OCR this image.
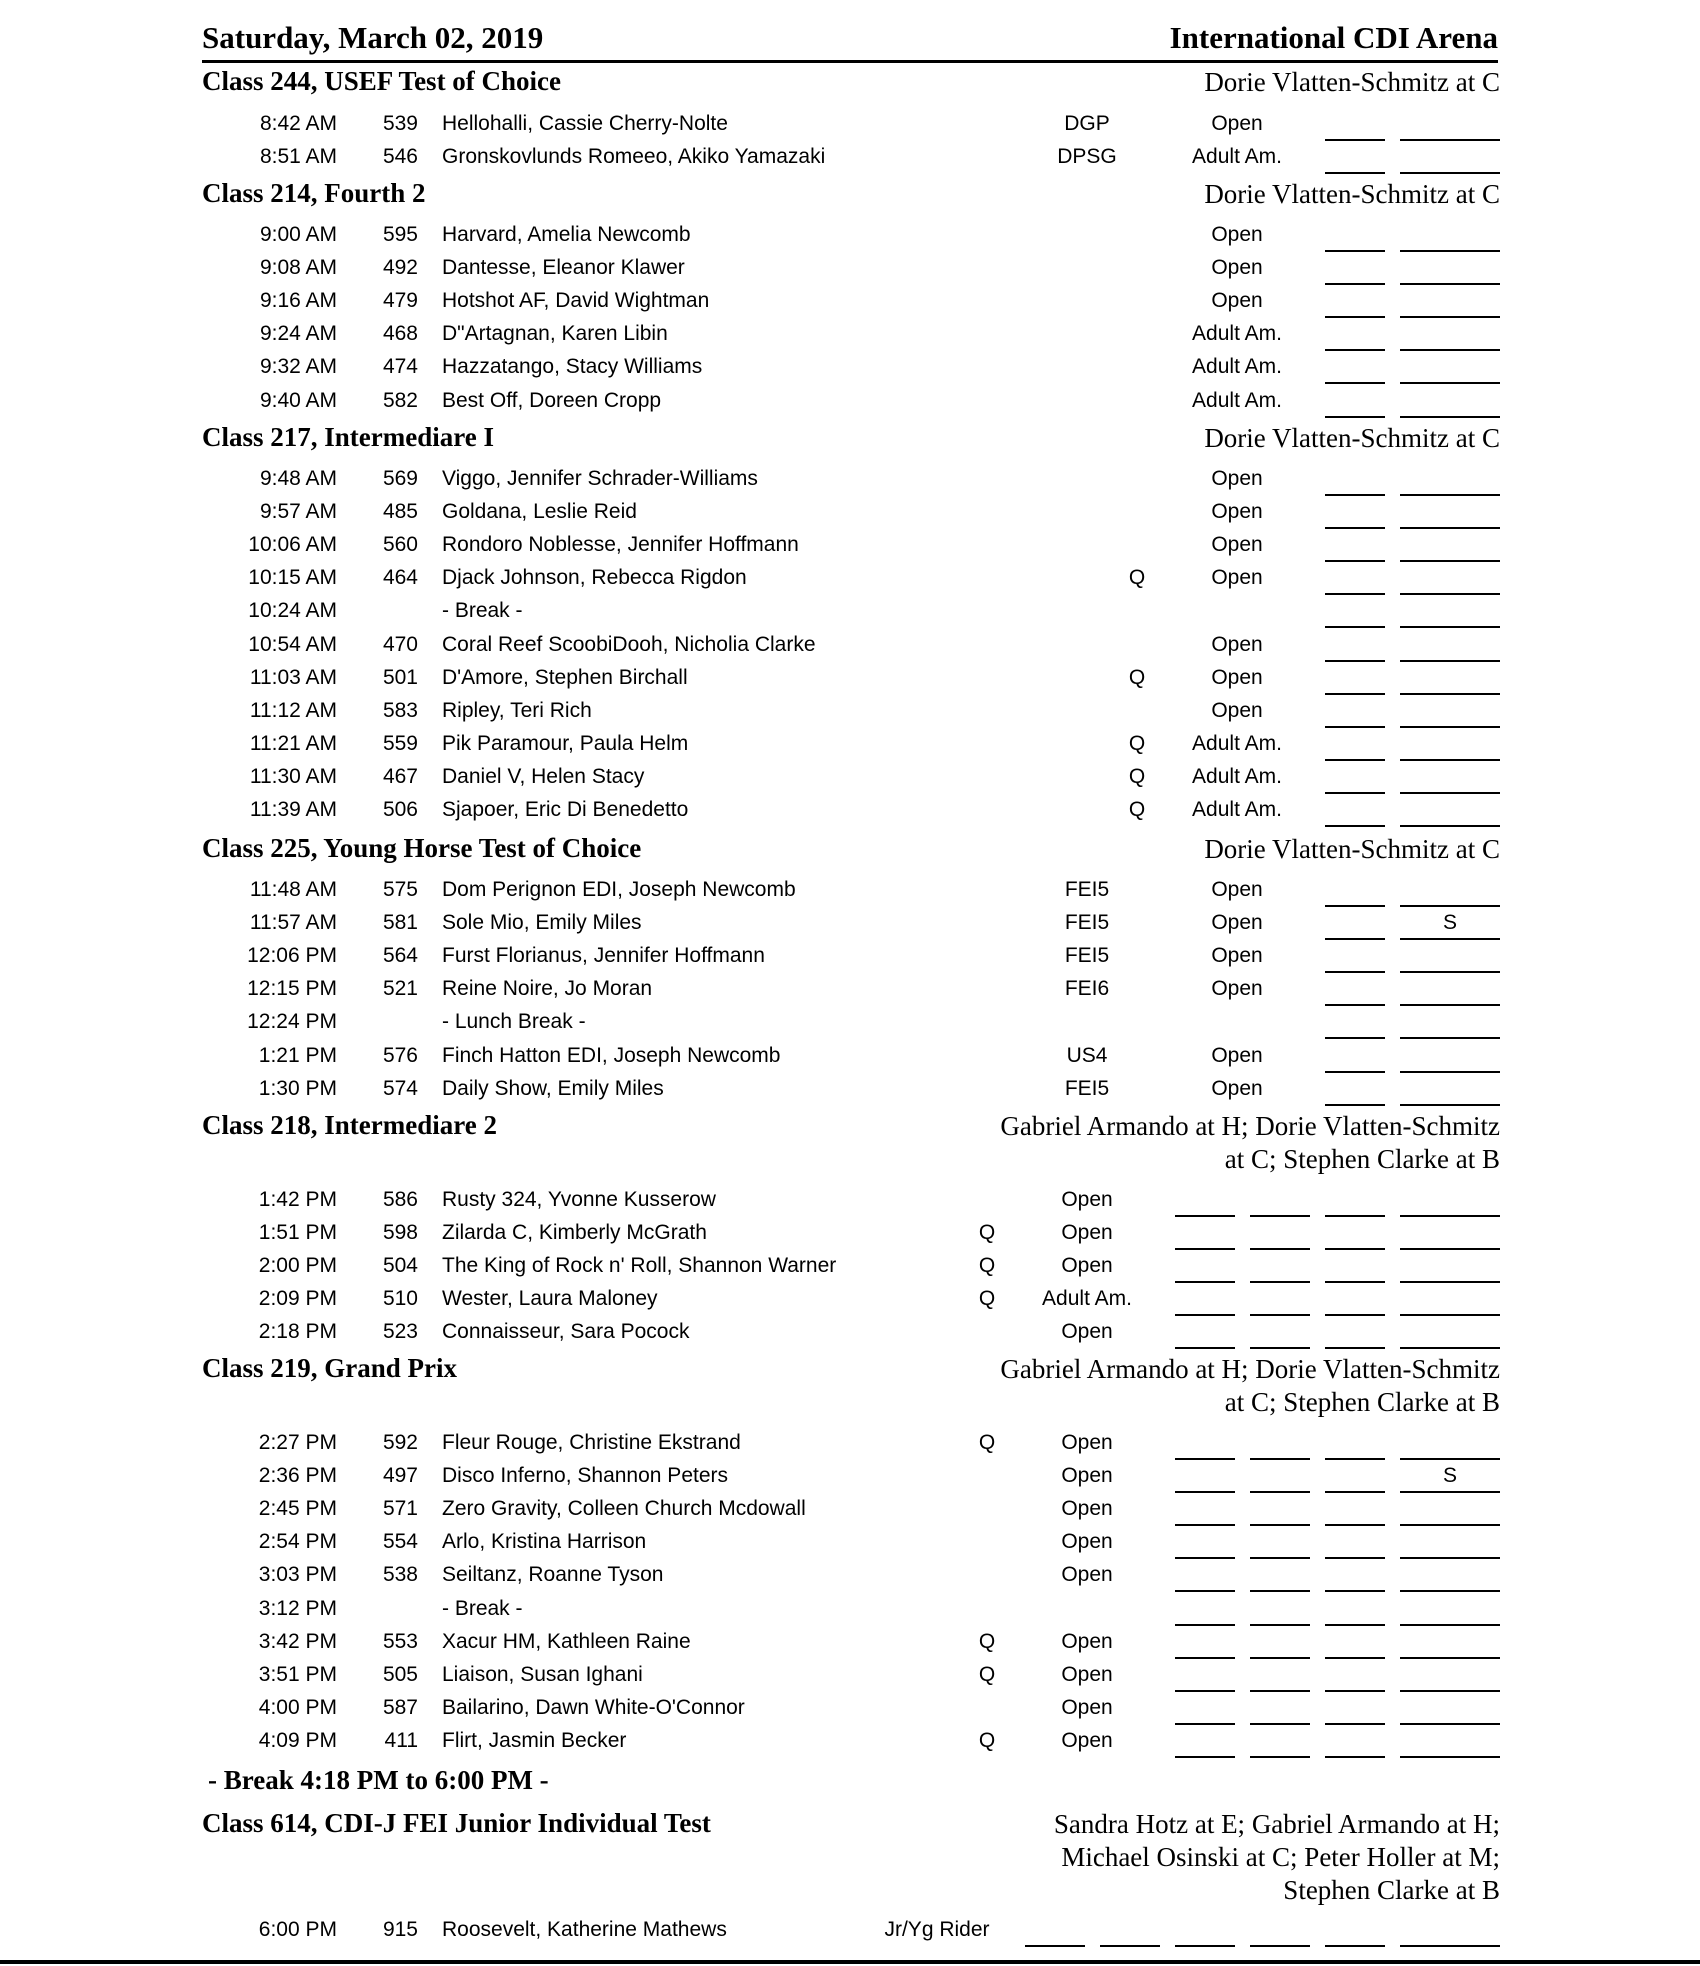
Saturday, March 02, 2019	International CDI Arena
- Break 4:18 PM to 6:00 PM -
Class 244, USEF Test of Choice	Dorie Vlatten-Schmitz at C
8:42 AM	539 Hellohalli, Cassie Cherry-Nolte	DGP	Open
8:51 AM	546 Gronskovlunds Romeeo, Akiko Yamazaki	DPSG	Adult Am.
Class 214, Fourth 2	Dorie Vlatten-Schmitz at C
9:00 AM	595 Harvard, Amelia Newcomb	Open
9:08 AM	492 Dantesse, Eleanor Klawer	Open
9:16 AM	479 Hotshot AF, David Wightman	Open
9:24 AM	468 D"Artagnan, Karen Libin	Adult Am.
9:32 AM	474 Hazzatango, Stacy Williams	Adult Am.
9:40 AM	582 Best Off, Doreen Cropp	Adult Am.
Class 217, Intermediare I	Dorie Vlatten-Schmitz at C
9:48 AM	569 Viggo, Jennifer Schrader-Williams	Open
9:57 AM	485 Goldana, Leslie Reid	Open
10:06 AM	560 Rondoro Noblesse, Jennifer Hoffmann	Open
10:15 AM	464 Djack Johnson, Rebecca Rigdon	Q	Open
10:24 AM	- Break -
10:54 AM	470 Coral Reef ScoobiDooh, Nicholia Clarke	Open
11:03 AM	501 D'Amore, Stephen Birchall	Q	Open
11:12 AM	583 Ripley, Teri Rich	Open
11:21 AM	559 Pik Paramour, Paula Helm	Q Adult Am.
11:30 AM	467 Daniel V, Helen Stacy	Q Adult Am.
11:39 AM	506 Sjapoer, Eric Di Benedetto	Q Adult Am.
Class 225, Young Horse Test of Choice	Dorie Vlatten-Schmitz at C
11:48 AM	575 Dom Perignon EDI, Joseph Newcomb	FEI5	Open
11:57 AM	581 Sole Mio, Emily Miles	FEI5	Open	S
12:06 PM	564 Furst Florianus, Jennifer Hoffmann	FEI5	Open
12:15 PM	521 Reine Noire, Jo Moran	FEI6	Open
12:24 PM	- Lunch Break -
1:21 PM	576 Finch Hatton EDI, Joseph Newcomb	US4	Open
1:30 PM	574 Daily Show, Emily Miles	FEI5	Open
Class 218, Intermediare 2	Gabriel Armando at H; Dorie Vlatten-Schmitz
at C; Stephen Clarke at B
1:42 PM	586 Rusty 324, Yvonne Kusserow	Open
1:51 PM	598 Zilarda C, Kimberly McGrath	Q	Open
2:00 PM	504 The King of Rock n' Roll, Shannon Warner	Q	Open
2:09 PM	510 Wester, Laura Maloney	Q Adult Am.
2:18 PM	523 Connaisseur, Sara Pocock	Open
Class 219, Grand Prix	Gabriel Armando at H; Dorie Vlatten-Schmitz
at C; Stephen Clarke at B
2:27 PM	592 Fleur Rouge, Christine Ekstrand	Q	Open
2:36 PM	497 Disco Inferno, Shannon Peters	Open	S
2:45 PM	571 Zero Gravity, Colleen Church Mcdowall	Open
2:54 PM	554 Arlo, Kristina Harrison	Open
3:03 PM	538 Seiltanz, Roanne Tyson	Open
3:12 PM	- Break -
3:42 PM	553 Xacur HM, Kathleen Raine	Q	Open
3:51 PM	505 Liaison, Susan Ighani	Q	Open
4:00 PM	587 Bailarino, Dawn White-O'Connor	Open
4:09 PM	411 Flirt, Jasmin Becker	Q	Open
Class 614, CDI-J FEI Junior Individual Test	Sandra Hotz at E; Gabriel Armando at H;
Michael Osinski at C; Peter Holler at M;
Stephen Clarke at B
6:00 PM	915 Roosevelt, Katherine Mathews	Jr/Yg Rider
